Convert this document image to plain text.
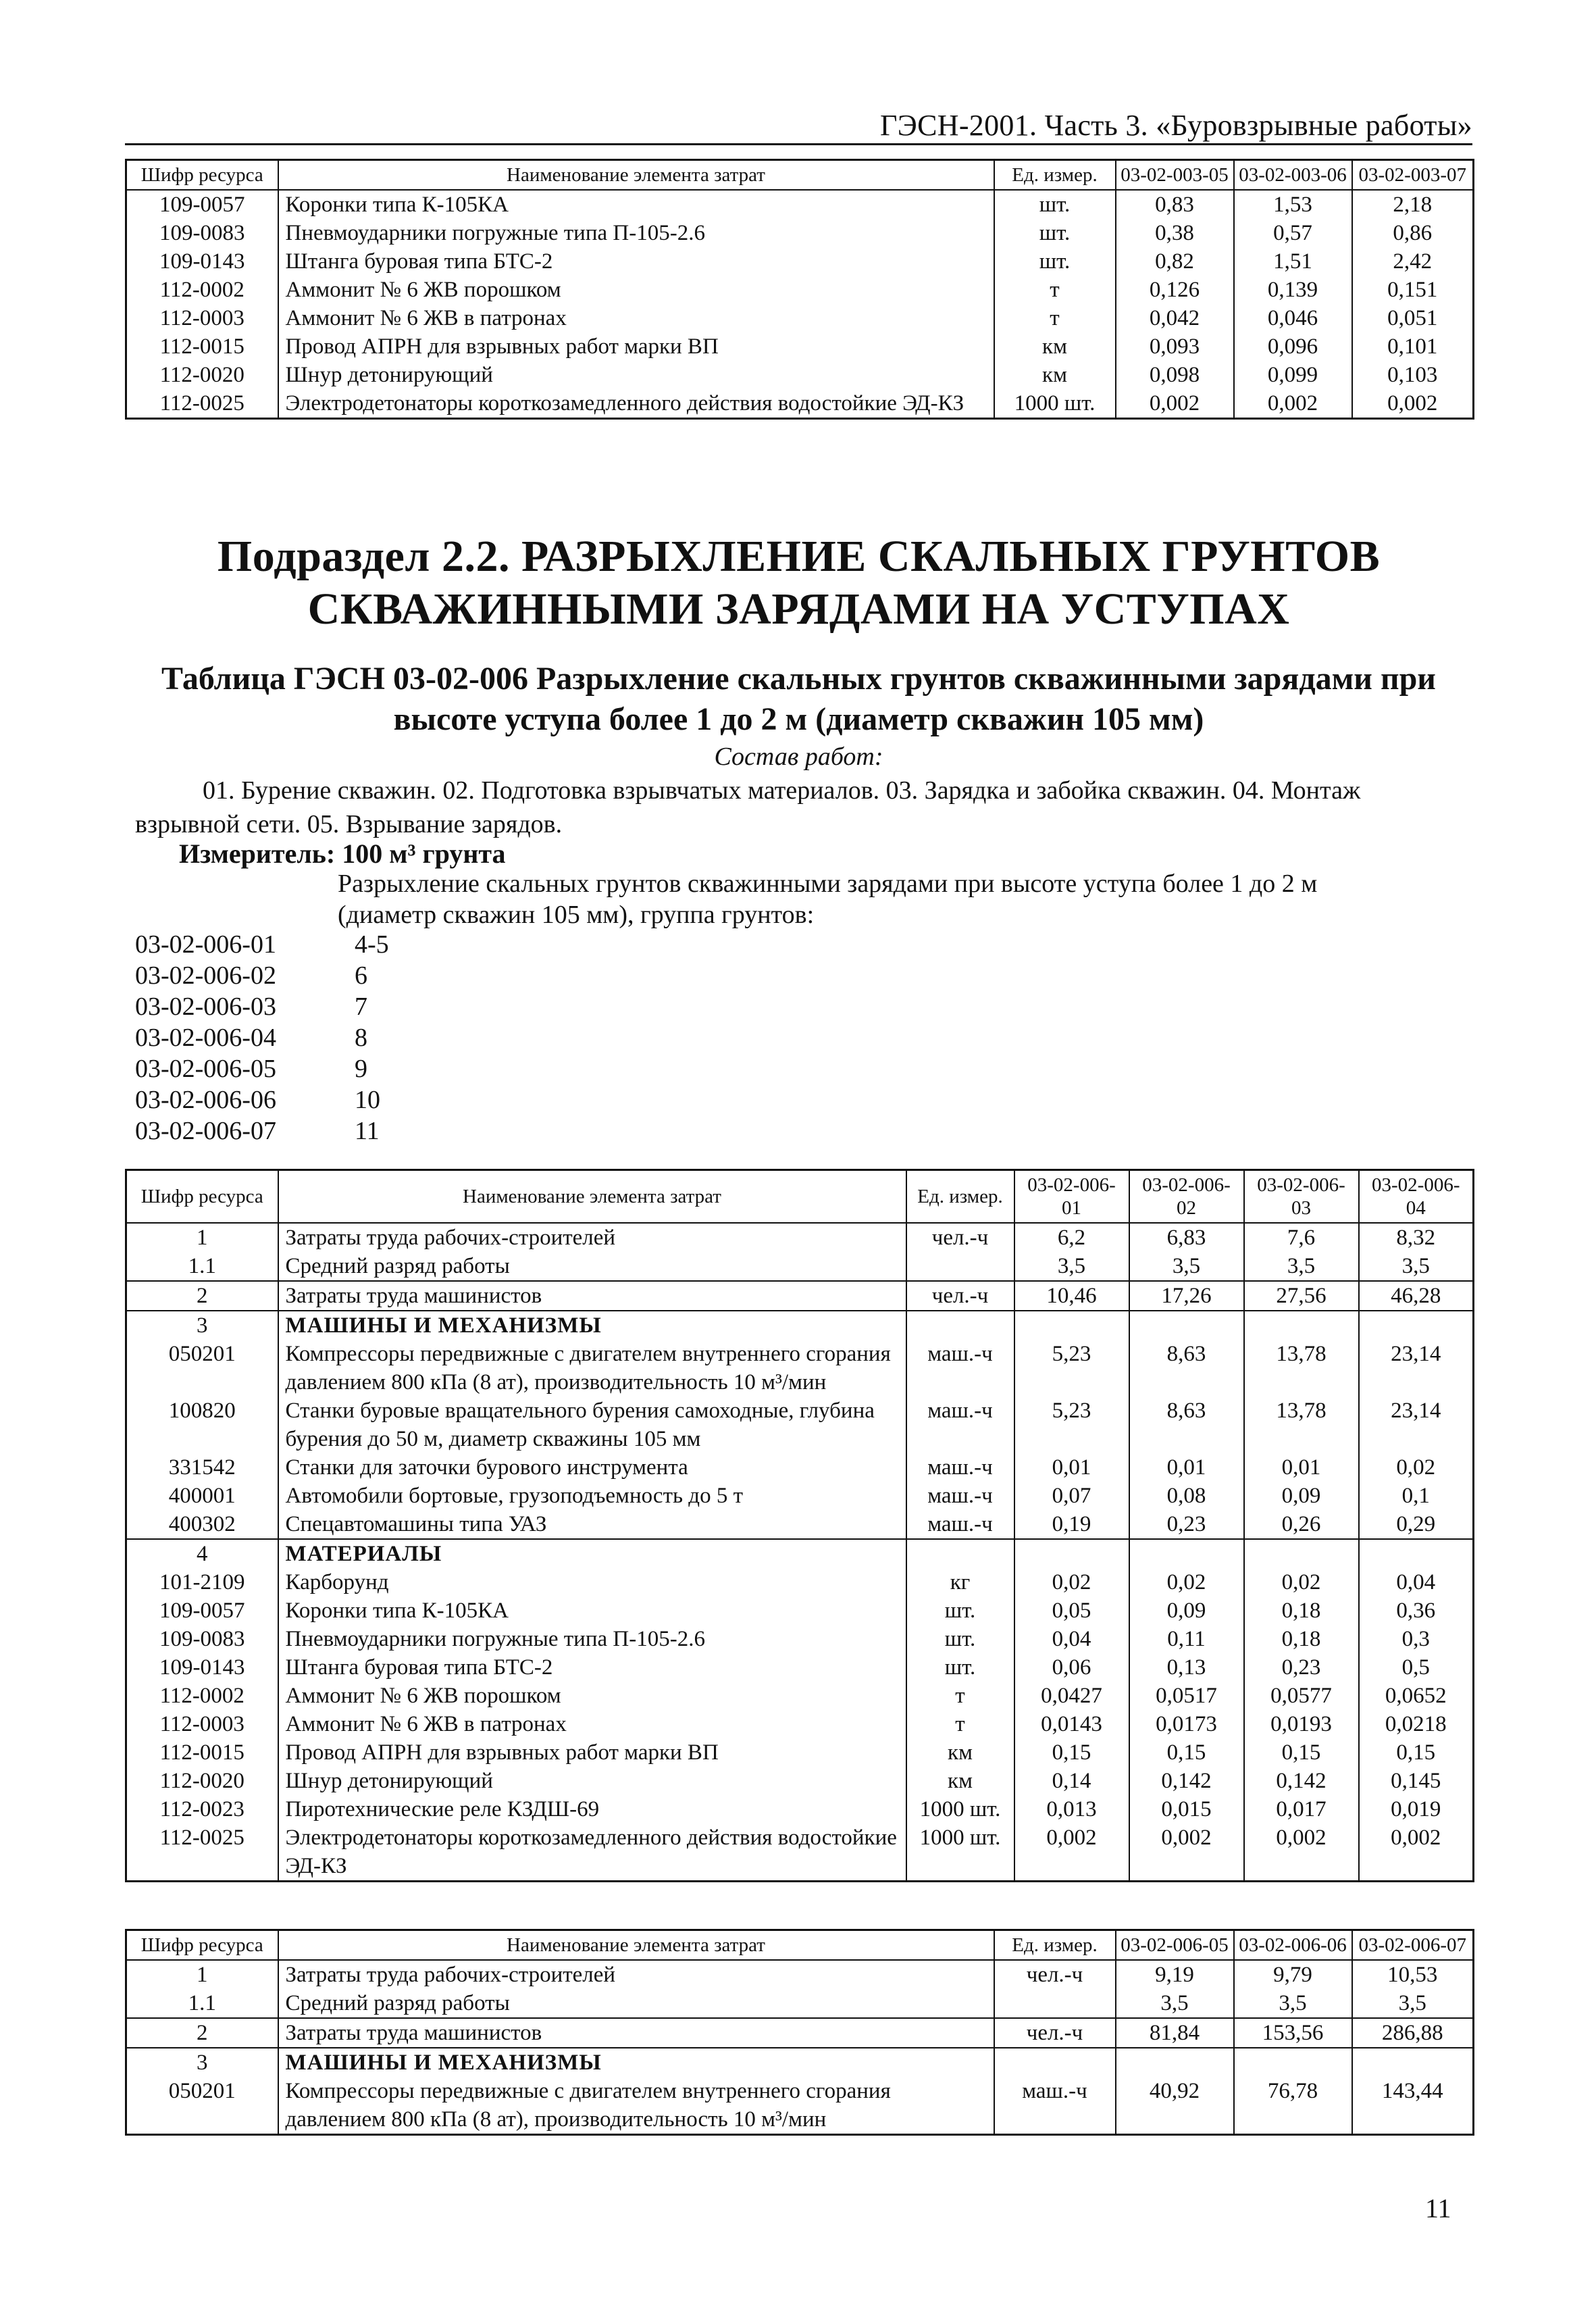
ГЭСН-2001. Часть 3. «Буровзрывные работы»
Шифр ресурса	Наименование элемента затрат	Ед. измер.	03-02-003-05	03-02-003-06	03-02-003-07
109-0057	Коронки типа К-105КА	шт.	0,83	1,53	2,18
109-0083	Пневмоударники погружные типа П-105-2.6	шт.	0,38	0,57	0,86
109-0143	Штанга буровая типа БТС-2	шт.	0,82	1,51	2,42
112-0002	Аммонит № 6 ЖВ порошком	т	0,126	0,139	0,151
112-0003	Аммонит № 6 ЖВ в патронах	т	0,042	0,046	0,051
112-0015	Провод АПРН для взрывных работ марки ВП	км	0,093	0,096	0,101
112-0020	Шнур детонирующий	км	0,098	0,099	0,103
112-0025	Электродетонаторы короткозамедленного действия водостойкие ЭД-КЗ	1000 шт.	0,002	0,002	0,002
Подраздел 2.2. РАЗРЫХЛЕНИЕ СКАЛЬНЫХ ГРУНТОВ
СКВАЖИННЫМИ ЗАРЯДАМИ НА УСТУПАХ
Таблица ГЭСН 03-02-006 Разрыхление скальных грунтов скважинными зарядами при
высоте уступа более 1 до 2 м (диаметр скважин 105 мм)
Состав работ:
01. Бурение скважин. 02. Подготовка взрывчатых материалов. 03. Зарядка и забойка скважин. 04. Монтаж взрывной сети. 05. Взрывание зарядов.
Измеритель: 100 м³ грунта
Разрыхление скальных грунтов скважинными зарядами при высоте уступа более 1 до 2 м (диаметр скважин 105 мм), группа грунтов:
03-02-006-01	4-5
03-02-006-02	6
03-02-006-03	7
03-02-006-04	8
03-02-006-05	9
03-02-006-06	10
03-02-006-07	11
Шифр ресурса	Наименование элемента затрат	Ед. измер.	03-02-006-01	03-02-006-02	03-02-006-03	03-02-006-04
1	Затраты труда рабочих-строителей	чел.-ч	6,2	6,83	7,6	8,32
1.1	Средний разряд работы		3,5	3,5	3,5	3,5
2	Затраты труда машинистов	чел.-ч	10,46	17,26	27,56	46,28
3	МАШИНЫ И МЕХАНИЗМЫ					
050201	Компрессоры передвижные с двигателем внутреннего сгорания давлением 800 кПа (8 ат), производительность 10 м³/мин	маш.-ч	5,23	8,63	13,78	23,14
100820	Станки буровые вращательного бурения самоходные, глубина бурения до 50 м, диаметр скважины 105 мм	маш.-ч	5,23	8,63	13,78	23,14
331542	Станки для заточки бурового инструмента	маш.-ч	0,01	0,01	0,01	0,02
400001	Автомобили бортовые, грузоподъемность до 5 т	маш.-ч	0,07	0,08	0,09	0,1
400302	Спецавтомашины типа УАЗ	маш.-ч	0,19	0,23	0,26	0,29
4	МАТЕРИАЛЫ					
101-2109	Карборунд	кг	0,02	0,02	0,02	0,04
109-0057	Коронки типа К-105КА	шт.	0,05	0,09	0,18	0,36
109-0083	Пневмоударники погружные типа П-105-2.6	шт.	0,04	0,11	0,18	0,3
109-0143	Штанга буровая типа БТС-2	шт.	0,06	0,13	0,23	0,5
112-0002	Аммонит № 6 ЖВ порошком	т	0,0427	0,0517	0,0577	0,0652
112-0003	Аммонит № 6 ЖВ в патронах	т	0,0143	0,0173	0,0193	0,0218
112-0015	Провод АПРН для взрывных работ марки ВП	км	0,15	0,15	0,15	0,15
112-0020	Шнур детонирующий	км	0,14	0,142	0,142	0,145
112-0023	Пиротехнические реле КЗДШ-69	1000 шт.	0,013	0,015	0,017	0,019
112-0025	Электродетонаторы короткозамедленного действия водостойкие ЭД-КЗ	1000 шт.	0,002	0,002	0,002	0,002
Шифр ресурса	Наименование элемента затрат	Ед. измер.	03-02-006-05	03-02-006-06	03-02-006-07
1	Затраты труда рабочих-строителей	чел.-ч	9,19	9,79	10,53
1.1	Средний разряд работы		3,5	3,5	3,5
2	Затраты труда машинистов	чел.-ч	81,84	153,56	286,88
3	МАШИНЫ И МЕХАНИЗМЫ				
050201	Компрессоры передвижные с двигателем внутреннего сгорания давлением 800 кПа (8 ат), производительность 10 м³/мин	маш.-ч	40,92	76,78	143,44
11
